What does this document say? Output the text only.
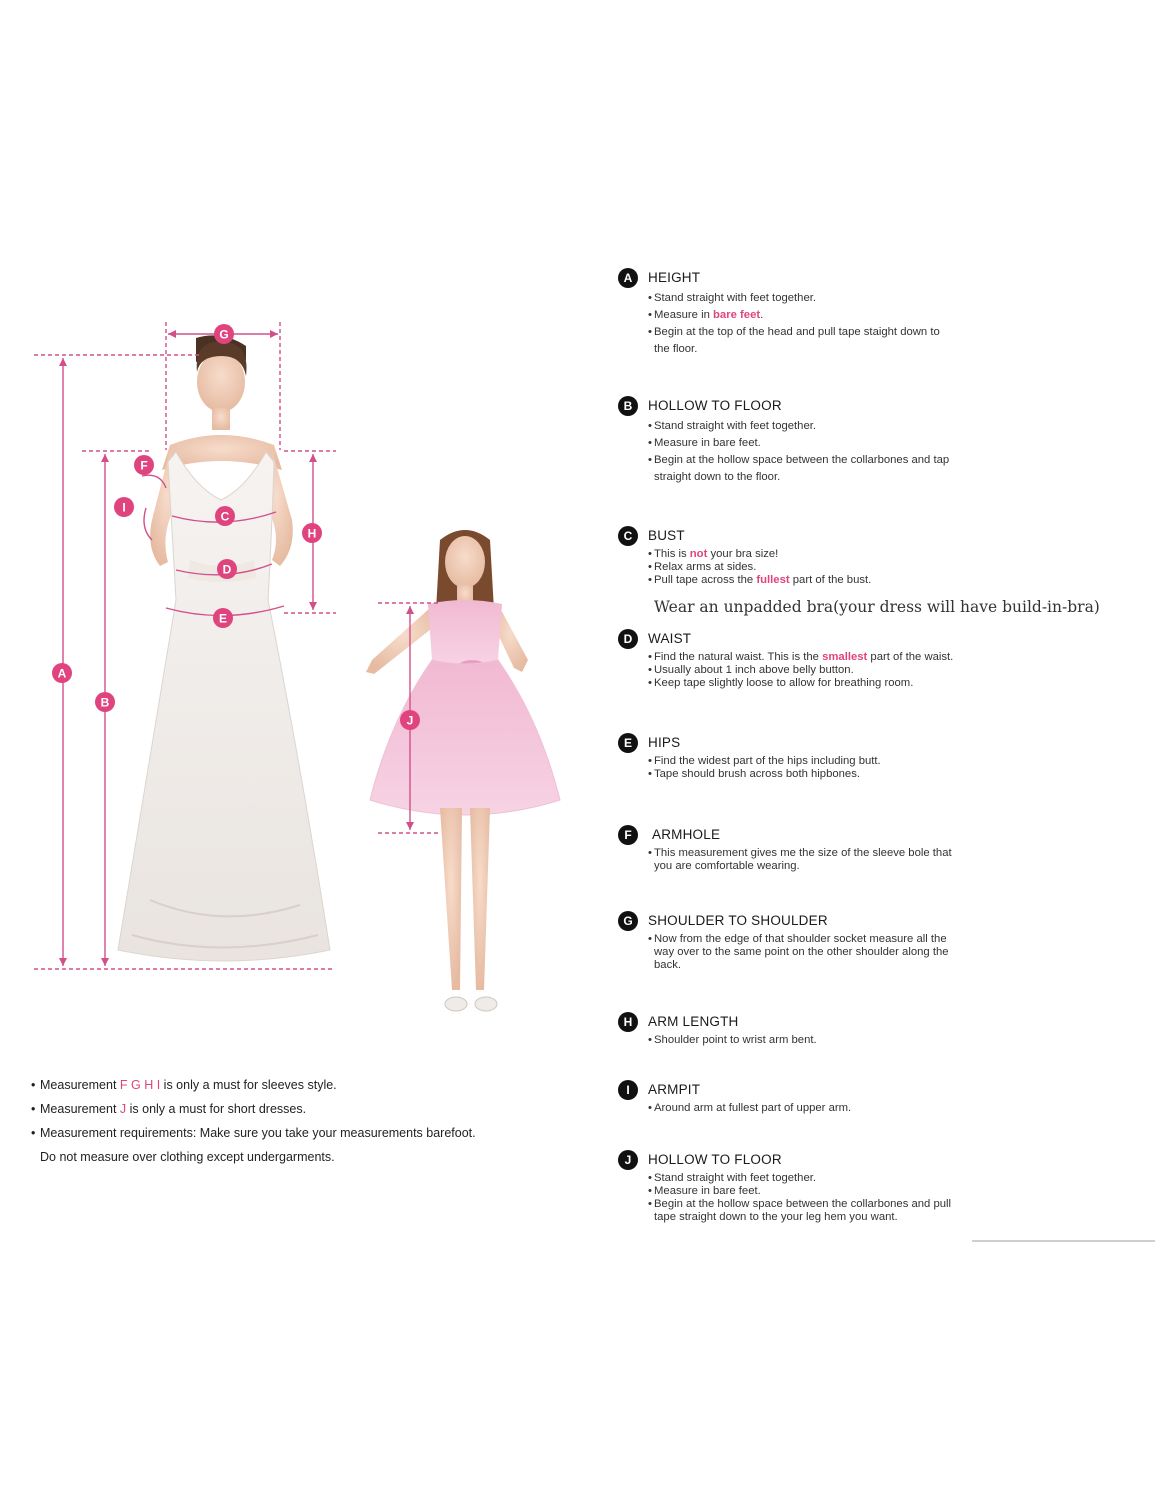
A
B
C
D
E
F
G
H
I
J
A	HEIGHT
• Stand straight with feet together.
• Measure in bare feet.
• Begin at the top of the head and pull tape staight down to
the floor.
B	HOLLOW TO FLOOR
• Stand straight with feet together.
• Measure in bare feet.
• Begin at the hollow space between the collarbones and tap
straight down to the floor.
C	BUST
• This is not your bra size!
• Relax arms at sides.
• Pull tape across the fullest part of the bust.
Wear an unpadded bra(your dress will have build-in-bra)
D	WAIST
• Find the natural waist. This is the smallest part of the waist.
• Usually about 1 inch above belly button.
• Keep tape slightly loose to allow for breathing room.
E	HIPS
• Find the widest part of the hips including butt.
• Tape should brush across both hipbones.
F	ARMHOLE
• This measurement gives me the size of the sleeve bole that
you are comfortable wearing.
G	SHOULDER TO SHOULDER
• Now from the edge of that shoulder socket measure all the
way over to the same point on the other shoulder along the
back.
H	ARM LENGTH
• Shoulder point to wrist arm bent.
I	ARMPIT
• Around arm at fullest part of upper arm.
J	HOLLOW TO FLOOR
• Stand straight with feet together.
• Measure in bare feet.
• Begin at the hollow space between the collarbones and pull
tape straight down to the your leg hem you want.
• Measurement F G H I is only a must for sleeves style.
• Measurement J is only a must for short dresses.
• Measurement requirements: Make sure you take your measurements barefoot.
Do not measure over clothing except undergarments.
